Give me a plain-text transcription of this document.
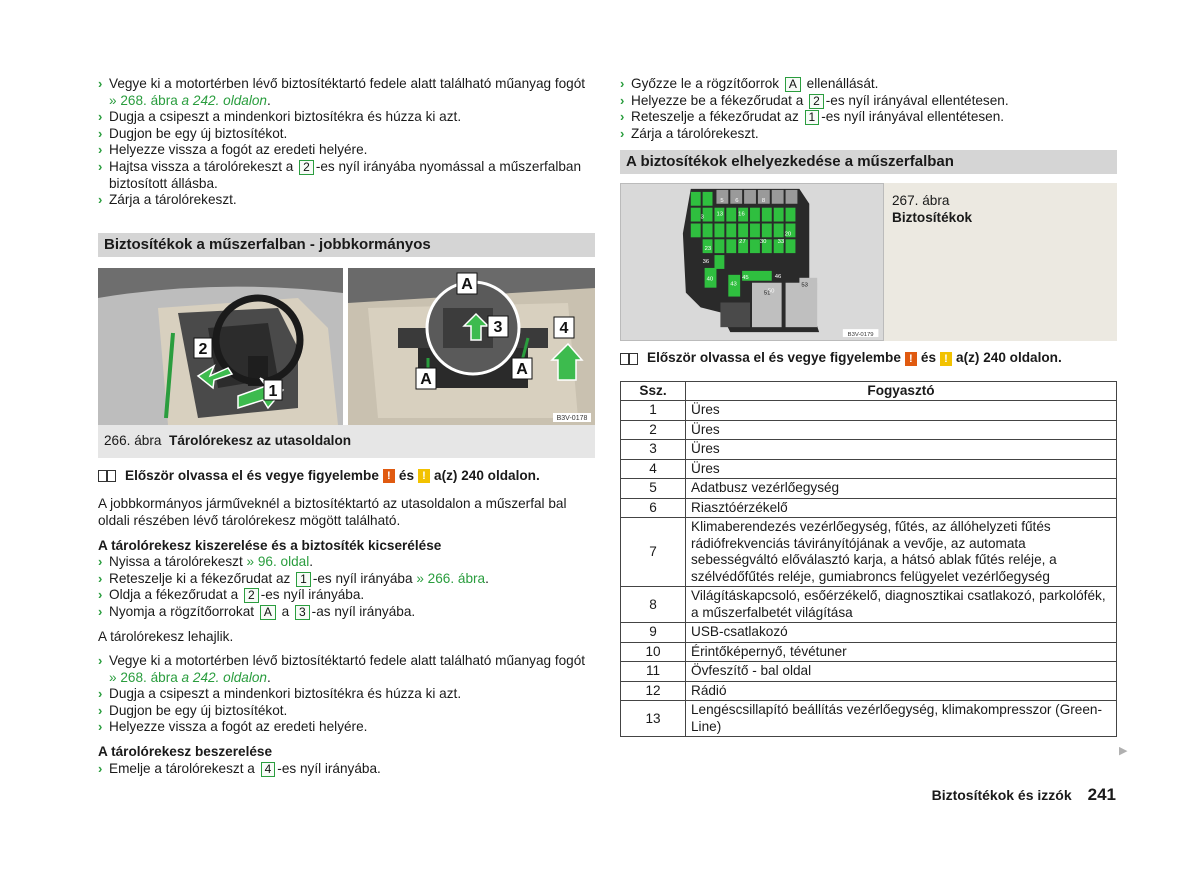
› Vegye ki a motortérben lévő biztosítéktartó fedele alatt található műanyag fogót » 268. ábra a 242. oldalon.
› Dugja a csipeszt a mindenkori biztosítékra és húzza ki azt.
› Dugjon be egy új biztosítékot.
› Helyezze vissza a fogót az eredeti helyére.
› Hajtsa vissza a tárolórekeszt a 2 -es nyíl irányába nyomással a műszerfalban biztosított állásba.
› Zárja a tárolórekeszt.
Biztosítékok a műszerfalban - jobbkormányos
2
1
A
3
A
A
4
B3V-0178
266. ábra Tárolórekesz az utasoldalon
Először olvassa el és vegye figyelembe ! és ! a(z) 240 oldalon.

A jobbkormányos járműveknél a biztosítéktartó az utasoldalon a műszerfal bal oldali részében lévő tárolórekesz mögött található.

A tárolórekesz kiszerelése és a biztosíték kicserélése

› Nyissa a tárolórekeszt » 96. oldal.
› Reteszelje ki a fékezőrudat az 1 -es nyíl irányába » 266. ábra.
› Oldja a fékezőrudat a 2 -es nyíl irányába.
› Nyomja a rögzítőorrokat A a 3 -as nyíl irányába.

A tárolórekesz lehajlik.

› Vegye ki a motortérben lévő biztosítéktartó fedele alatt található műanyag fogót » 268. ábra a 242. oldalon.
› Dugja a csipeszt a mindenkori biztosítékra és húzza ki azt.
› Dugjon be egy új biztosítékot.
› Helyezze vissza a fogót az eredeti helyére.

A tárolórekesz beszerelése

› Emelje a tárolórekeszt a 4 -es nyíl irányába.
› Győzze le a rögzítőorrok A ellenállását.
› Helyezze be a fékezőrudat a 2 -es nyíl irányával ellentétesen.
› Reteszelje a fékezőrudat az 1 -es nyíl irányával ellentétesen.
› Zárja a tárolórekeszt.
A biztosítékok elhelyezkedése a műszerfalban
3
5 6	8
13	16
20
23
27 30 33
36
40
43
45	46
50
51
53
B3V-0179
267. ábra
Biztosítékok
Először olvassa el és vegye figyelembe ! és ! a(z) 240 oldalon.
Ssz.	Fogyasztó
1	Üres
2	Üres
3	Üres
4	Üres
5	Adatbusz vezérlőegység
6	Riasztóérzékelő
7	Klimaberendezés vezérlőegység, fűtés, az állóhelyzeti fűtés rádiófrekvenciás távirányítójának a vevője, az automata sebességváltó előválasztó karja, a hátsó ablak fűtés reléje, a szélvédőfűtés reléje, gumiabroncs felügyelet vezérlőegység
8	Világításkapcsoló, esőérzékelő, diagnosztikai csatlakozó, parkolófék, a műszerfalbetét világítása
9	USB-csatlakozó
10	Érintőképernyő, tévétuner
11	Övfeszítő - bal oldal
12	Rádió
13	Lengéscsillapító beállítás vezérlőegység, klimakompresszor (Green-Line)
▶
Biztosítékok és izzók 241
